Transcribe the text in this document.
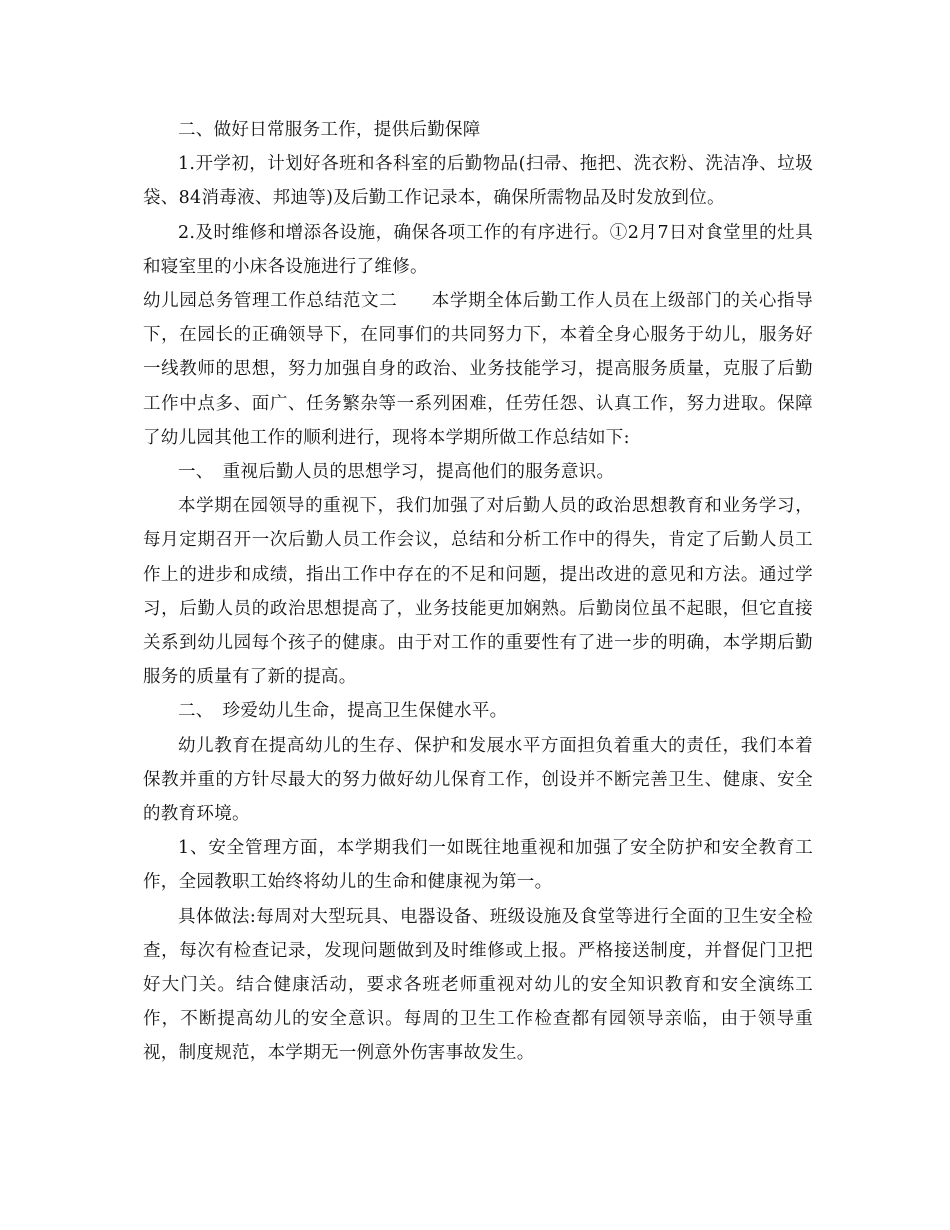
二、做好日常服务工作，提供后勤保障

1.开学初，计划好各班和各科室的后勤物品(扫帚、拖把、洗衣粉、洗洁净、垃圾袋、84消毒液、邦迪等)及后勤工作记录本，确保所需物品及时发放到位。

2.及时维修和增添各设施，确保各项工作的有序进行。①2月7日对食堂里的灶具和寝室里的小床各设施进行了维修。

幼儿园总务管理工作总结范文二 本学期全体后勤工作人员在上级部门的关心指导下，在园长的正确领导下，在同事们的共同努力下，本着全身心服务于幼儿，服务好一线教师的思想，努力加强自身的政治、业务技能学习，提高服务质量，克服了后勤工作中点多、面广、任务繁杂等一系列困难，任劳任怨、认真工作，努力进取。保障了幼儿园其他工作的顺利进行，现将本学期所做工作总结如下:

一、　重视后勤人员的思想学习，提高他们的服务意识。

本学期在园领导的重视下，我们加强了对后勤人员的政治思想教育和业务学习，每月定期召开一次后勤人员工作会议，总结和分析工作中的得失，肯定了后勤人员工作上的进步和成绩，指出工作中存在的不足和问题，提出改进的意见和方法。通过学习，后勤人员的政治思想提高了，业务技能更加娴熟。后勤岗位虽不起眼，但它直接关系到幼儿园每个孩子的健康。由于对工作的重要性有了进一步的明确，本学期后勤服务的质量有了新的提高。

二、　珍爱幼儿生命，提高卫生保健水平。

幼儿教育在提高幼儿的生存、保护和发展水平方面担负着重大的责任，我们本着保教并重的方针尽最大的努力做好幼儿保育工作，创设并不断完善卫生、健康、安全的教育环境。

1、安全管理方面，本学期我们一如既往地重视和加强了安全防护和安全教育工作，全园教职工始终将幼儿的生命和健康视为第一。

具体做法:每周对大型玩具、电器设备、班级设施及食堂等进行全面的卫生安全检查，每次有检查记录，发现问题做到及时维修或上报。严格接送制度，并督促门卫把好大门关。结合健康活动，要求各班老师重视对幼儿的安全知识教育和安全演练工作，不断提高幼儿的安全意识。每周的卫生工作检查都有园领导亲临，由于领导重视，制度规范，本学期无一例意外伤害事故发生。
